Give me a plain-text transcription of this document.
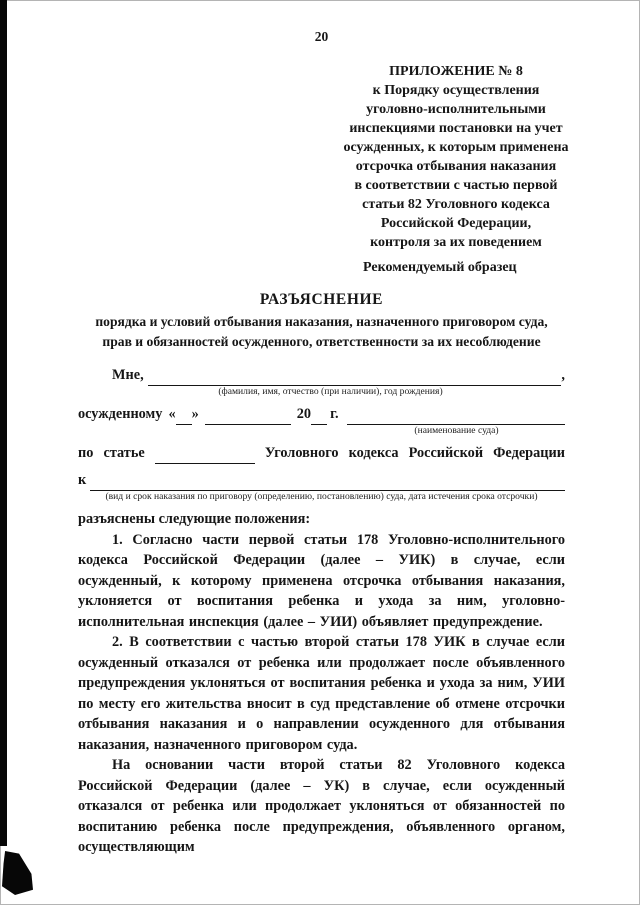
20
ПРИЛОЖЕНИЕ № 8
к Порядку осуществления
уголовно-исполнительными
инспекциями постановки на учет
осужденных, к которым применена
отсрочка отбывания наказания
в соответствии с частью первой
статьи 82 Уголовного кодекса
Российской Федерации,
контроля за их поведением
Рекомендуемый образец
РАЗЪЯСНЕНИЕ
порядка и условий отбывания наказания, назначенного приговором суда,
прав и обязанностей осужденного, ответственности за их несоблюдение
Мне,	,
(фамилия, имя, отчество (при наличии), год рождения)
осужденному « »	20 г.
(наименование суда)
по статье	Уголовного кодекса Российской Федерации
к
(вид и срок наказания по приговору (определению, постановлению) суда, дата истечения срока отсрочки)
разъяснены следующие положения:

1. Согласно части первой статьи 178 Уголовно-исполнительного кодекса Российской Федерации (далее – УИК) в случае, если осужденный, к которому применена отсрочка отбывания наказания, уклоняется от воспитания ребенка и ухода за ним, уголовно-исполнительная инспекция (далее – УИИ) объявляет предупреждение.

2. В соответствии с частью второй статьи 178 УИК в случае если осужденный отказался от ребенка или продолжает после объявленного предупреждения уклоняться от воспитания ребенка и ухода за ним, УИИ по месту его жительства вносит в суд представление об отмене отсрочки отбывания наказания и о направлении осужденного для отбывания наказания, назначенного приговором суда.

На основании части второй статьи 82 Уголовного кодекса Российской Федерации (далее – УК) в случае, если осужденный отказался от ребенка или продолжает уклоняться от обязанностей по воспитанию ребенка после предупреждения, объявленного органом, осуществляющим
